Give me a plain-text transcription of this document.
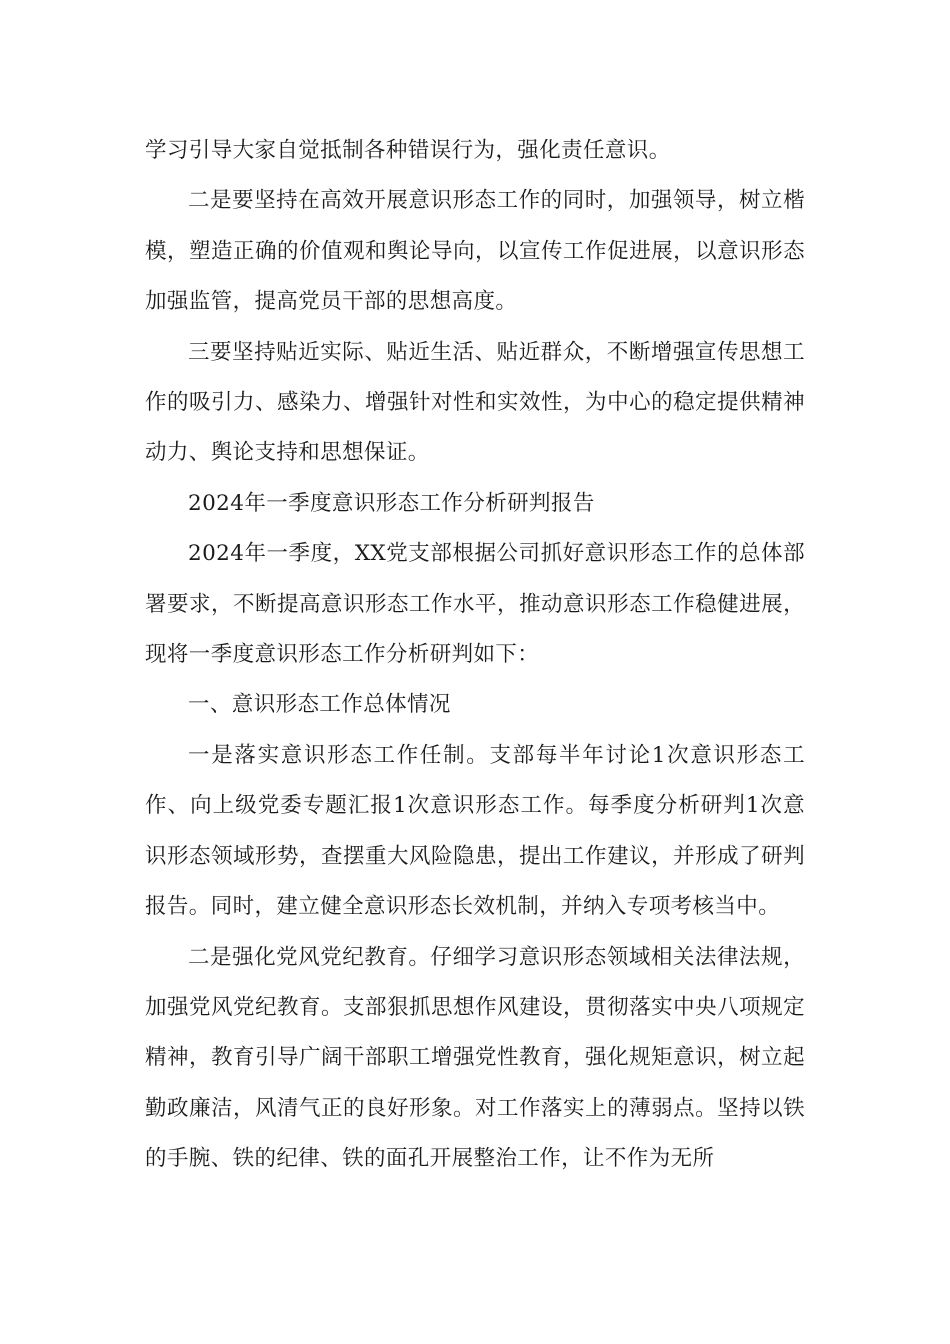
学习引导大家自觉抵制各种错误行为，强化责任意识。

二是要坚持在高效开展意识形态工作的同时，加强领导，树立楷模，塑造正确的价值观和舆论导向，以宣传工作促进展，以意识形态加强监管，提高党员干部的思想高度。

三要坚持贴近实际、贴近生活、贴近群众，不断增强宣传思想工作的吸引力、感染力、增强针对性和实效性，为中心的稳定提供精神动力、舆论支持和思想保证。

2024年一季度意识形态工作分析研判报告

2024年一季度，XX党支部根据公司抓好意识形态工作的总体部署要求，不断提高意识形态工作水平，推动意识形态工作稳健进展，现将一季度意识形态工作分析研判如下：

一、意识形态工作总体情况

一是落实意识形态工作任制。支部每半年讨论1次意识形态工作、向上级党委专题汇报1次意识形态工作。每季度分析研判1次意识形态领域形势，查摆重大风险隐患，提出工作建议，并形成了研判报告。同时，建立健全意识形态长效机制，并纳入专项考核当中。

二是强化党风党纪教育。仔细学习意识形态领域相关法律法规，加强党风党纪教育。支部狠抓思想作风建设，贯彻落实中央八项规定精神，教育引导广阔干部职工增强党性教育，强化规矩意识，树立起勤政廉洁，风清气正的良好形象。对工作落实上的薄弱点。坚持以铁的手腕、铁的纪律、铁的面孔开展整治工作，让不作为无所
